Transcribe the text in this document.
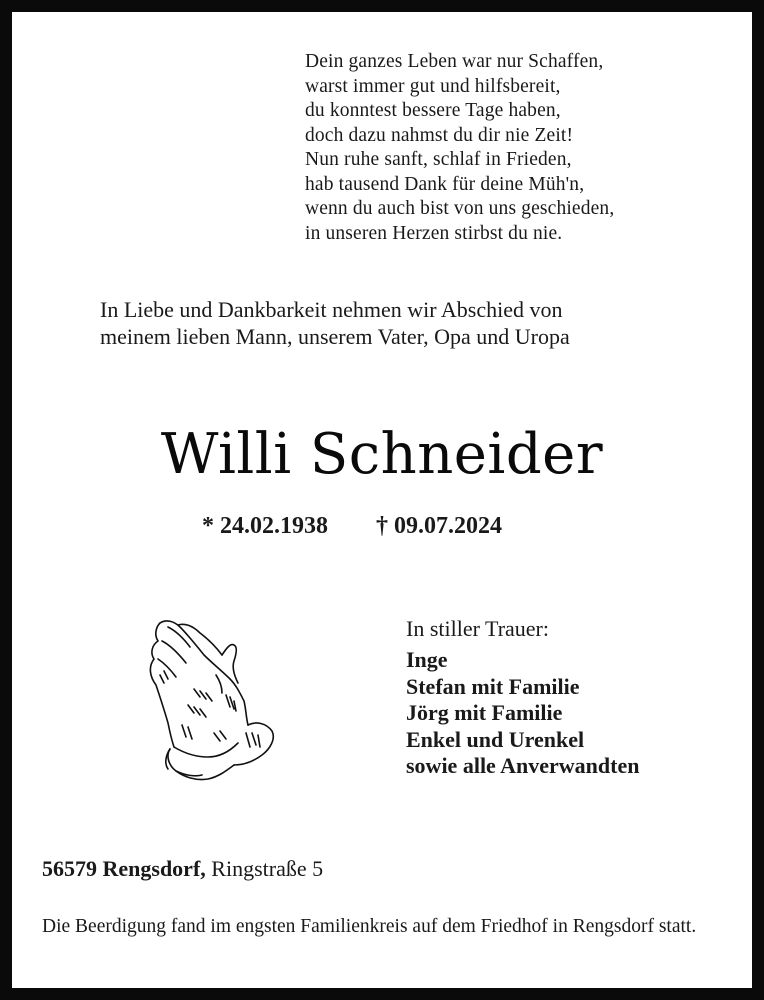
Dein ganzes Leben war nur Schaffen,
warst immer gut und hilfsbereit,
du konntest bessere Tage haben,
doch dazu nahmst du dir nie Zeit!
Nun ruhe sanft, schlaf in Frieden,
hab tausend Dank für deine Müh'n,
wenn du auch bist von uns geschieden,
in unseren Herzen stirbst du nie.
In Liebe und Dankbarkeit nehmen wir Abschied von
meinem lieben Mann, unserem Vater, Opa und Uropa
Willi Schneider
* 24.02.1938 † 09.07.2024
In stiller Trauer:
Inge
Stefan mit Familie
Jörg mit Familie
Enkel und Urenkel
sowie alle Anverwandten
56579 Rengsdorf, Ringstraße 5
Die Beerdigung fand im engsten Familienkreis auf dem Friedhof in Rengsdorf statt.
